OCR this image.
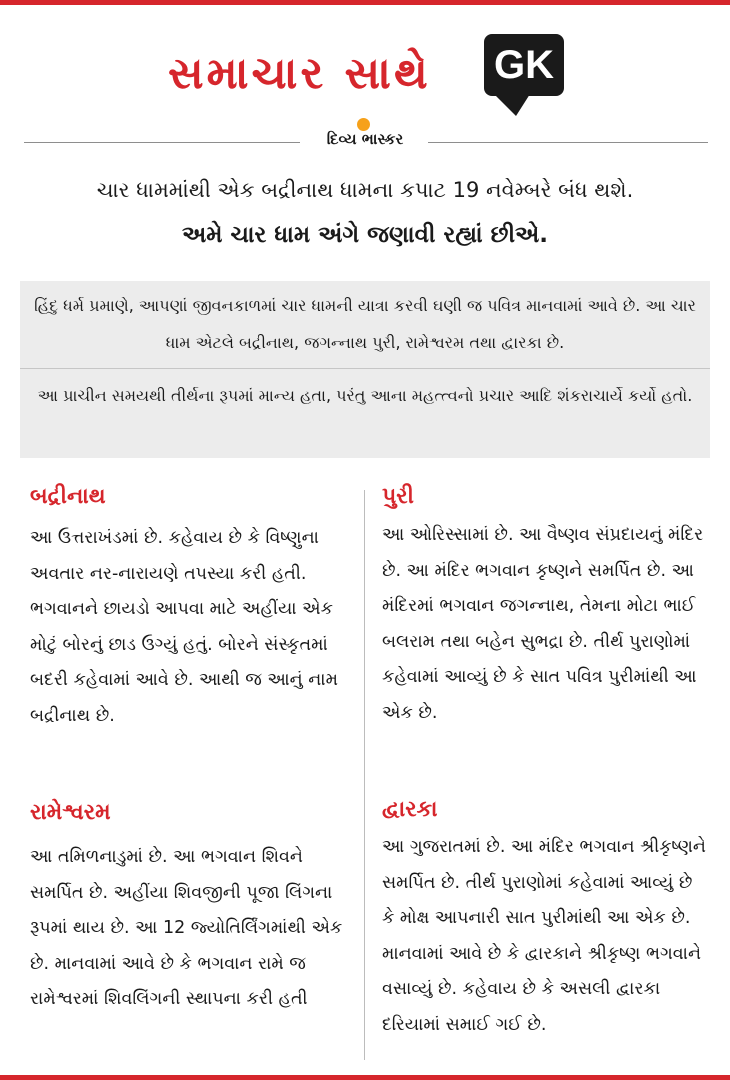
સમાચાર સાથે GK
દિવ્ય ભાસ્કર
ચાર ધામમાંથી એક બદ્રીનાથ ધામના કપાટ 19 નવેમ્બરે બંધ થશે.
અમે ચાર ધામ અંગે જણાવી રહ્યાં છીએ.
હિંદુ ધર્મ પ્રમાણે, આપણાં જીવનકાળમાં ચાર ધામની યાત્રા કરવી ઘણી જ પવિત્ર માનવામાં આવે છે. આ ચાર ધામ એટલે બદ્રીનાથ, જગન્નાથ પુરી, રામેશ્વરમ તથા દ્વારકા છે.
આ પ્રાચીન સમયથી તીર્થના રૂપમાં માન્ય હતા, પરંતુ આના મહત્ત્વનો પ્રચાર આદિ શંકરાચાર્યે કર્યો હતો.
બદ્રીનાથ
આ ઉત્તરાખંડમાં છે. કહેવાય છે કે વિષ્ણુના અવતાર નર-નારાયણે તપસ્યા કરી હતી. ભગવાનને છાયડો આપવા માટે અહીંયા એક મોટું બોરનું છાડ ઉગ્યું હતું. બોરને સંસ્કૃતમાં બદરી કહેવામાં આવે છે. આથી જ આનું નામ બદ્રીનાથ છે.
પુરી
આ ઓરિસ્સામાં છે. આ વૈષ્ણવ સંપ્રદાયનું મંદિર છે. આ મંદિર ભગવાન કૃષ્ણને સમર્પિત છે. આ મંદિરમાં ભગવાન જગન્નાથ, તેમના મોટા ભાઈ બલરામ તથા બહેન સુભદ્રા છે. તીર્થ પુરાણોમાં કહેવામાં આવ્યું છે કે સાત પવિત્ર પુરીમાંથી આ એક છે.
રામેશ્વરમ
આ તમિળનાડુમાં છે. આ ભગવાન શિવને સમર્પિત છે. અહીંયા શિવજીની પૂજા લિંગના રૂપમાં થાય છે. આ 12 જ્યોતિર્લિંગમાંથી એક છે. માનવામાં આવે છે કે ભગવાન રામે જ રામેશ્વરમાં શિવલિંગની સ્થાપના કરી હતી
દ્વારકા
આ ગુજરાતમાં છે. આ મંદિર ભગવાન શ્રીકૃષ્ણને સમર્પિત છે. તીર્થ પુરાણોમાં કહેવામાં આવ્યું છે કે મોક્ષ આપનારી સાત પુરીમાંથી આ એક છે. માનવામાં આવે છે કે દ્વારકાને શ્રીકૃષ્ણ ભગવાને વસાવ્યું છે. કહેવાય છે કે અસલી દ્વારકા દરિયામાં સમાઈ ગઈ છે.
